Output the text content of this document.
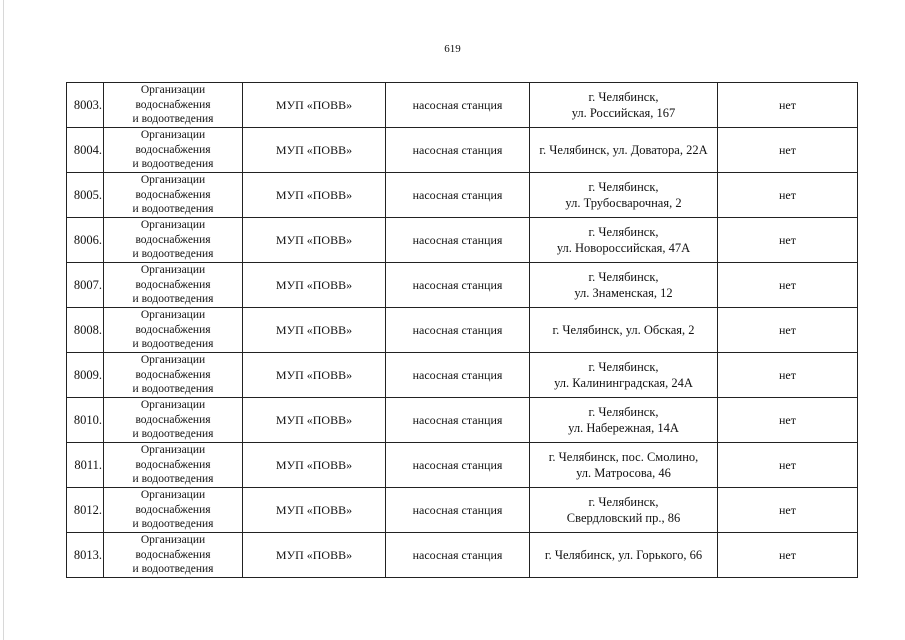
619
8003.	Организации
водоснабжения
и водоотведения	МУП «ПОВВ»	насосная станция	г. Челябинск,
ул. Российская, 167	нет
8004.	Организации
водоснабжения
и водоотведения	МУП «ПОВВ»	насосная станция	г. Челябинск, ул. Доватора, 22А	нет
8005.	Организации
водоснабжения
и водоотведения	МУП «ПОВВ»	насосная станция	г. Челябинск,
ул. Трубосварочная, 2	нет
8006.	Организации
водоснабжения
и водоотведения	МУП «ПОВВ»	насосная станция	г. Челябинск,
ул. Новороссийская, 47А	нет
8007.	Организации
водоснабжения
и водоотведения	МУП «ПОВВ»	насосная станция	г. Челябинск,
ул. Знаменская, 12	нет
8008.	Организации
водоснабжения
и водоотведения	МУП «ПОВВ»	насосная станция	г. Челябинск, ул. Обская, 2	нет
8009.	Организации
водоснабжения
и водоотведения	МУП «ПОВВ»	насосная станция	г. Челябинск,
ул. Калининградская, 24А	нет
8010.	Организации
водоснабжения
и водоотведения	МУП «ПОВВ»	насосная станция	г. Челябинск,
ул. Набережная, 14А	нет
8011.	Организации
водоснабжения
и водоотведения	МУП «ПОВВ»	насосная станция	г. Челябинск, пос. Смолино,
ул. Матросова, 46	нет
8012.	Организации
водоснабжения
и водоотведения	МУП «ПОВВ»	насосная станция	г. Челябинск,
Свердловский пр., 86	нет
8013.	Организации
водоснабжения
и водоотведения	МУП «ПОВВ»	насосная станция	г. Челябинск, ул. Горького, 66	нет
